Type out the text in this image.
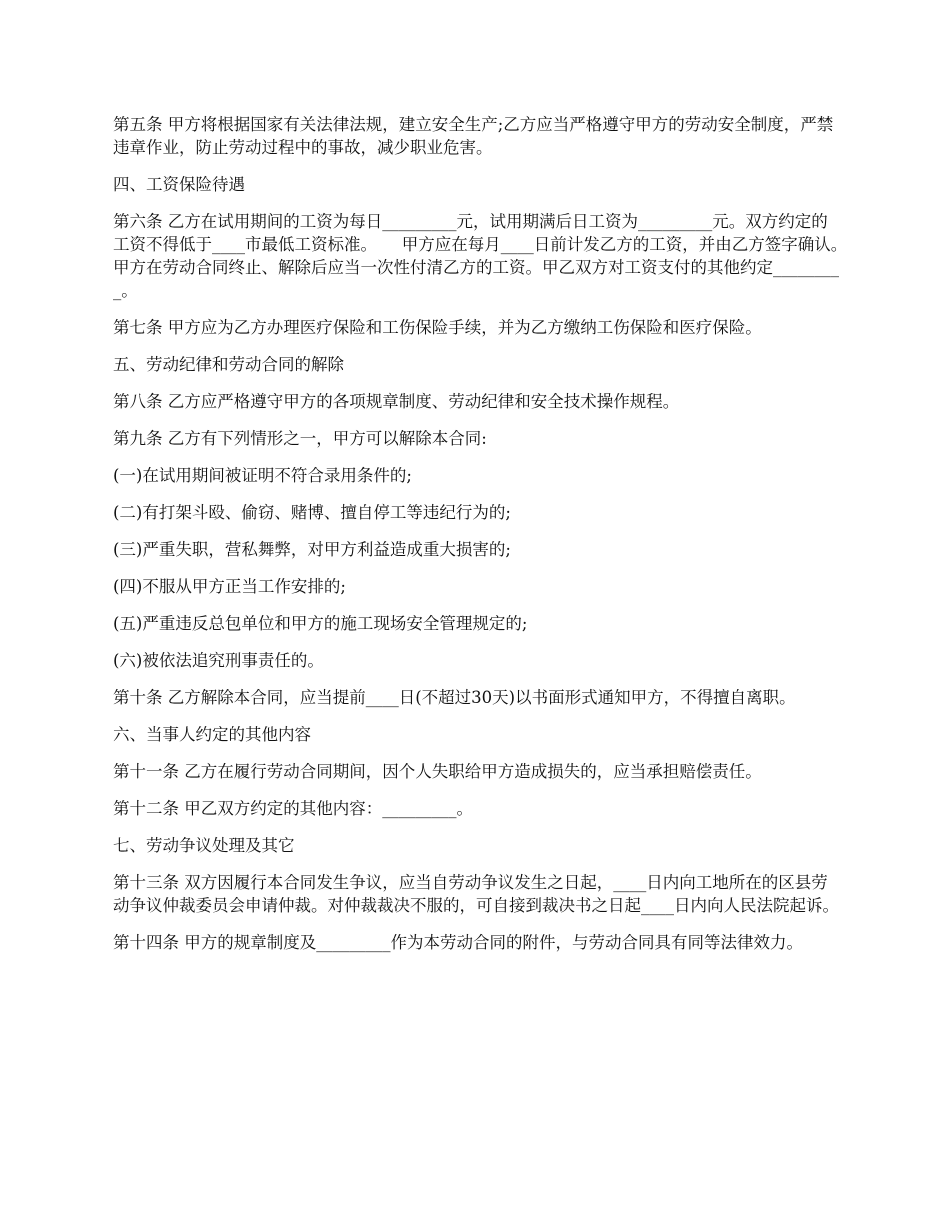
第五条 甲方将根据国家有关法律法规，建立安全生产;乙方应当严格遵守甲方的劳动安全制度，严禁违章作业，防止劳动过程中的事故，减少职业危害。

四、工资保险待遇

第六条 乙方在试用期间的工资为每日_________元，试用期满后日工资为_________元。双方约定的工资不得低于____市最低工资标准。　　甲方应在每月____日前计发乙方的工资，并由乙方签字确认。　　甲方在劳动合同终止、解除后应当一次性付清乙方的工资。甲乙双方对工资支付的其他约定_________。

第七条 甲方应为乙方办理医疗保险和工伤保险手续，并为乙方缴纳工伤保险和医疗保险。

五、劳动纪律和劳动合同的解除

第八条 乙方应严格遵守甲方的各项规章制度、劳动纪律和安全技术操作规程。

第九条 乙方有下列情形之一，甲方可以解除本合同:

(一)在试用期间被证明不符合录用条件的;

(二)有打架斗殴、偷窃、赌博、擅自停工等违纪行为的;

(三)严重失职，营私舞弊，对甲方利益造成重大损害的;

(四)不服从甲方正当工作安排的;

(五)严重违反总包单位和甲方的施工现场安全管理规定的;

(六)被依法追究刑事责任的。

第十条 乙方解除本合同，应当提前____日(不超过30天)以书面形式通知甲方，不得擅自离职。

六、当事人约定的其他内容

第十一条 乙方在履行劳动合同期间，因个人失职给甲方造成损失的，应当承担赔偿责任。

第十二条 甲乙双方约定的其他内容：_________。

七、劳动争议处理及其它

第十三条 双方因履行本合同发生争议，应当自劳动争议发生之日起，____日内向工地所在的区县劳动争议仲裁委员会申请仲裁。对仲裁裁决不服的，可自接到裁决书之日起____日内向人民法院起诉。

第十四条 甲方的规章制度及_________作为本劳动合同的附件，与劳动合同具有同等法律效力。
